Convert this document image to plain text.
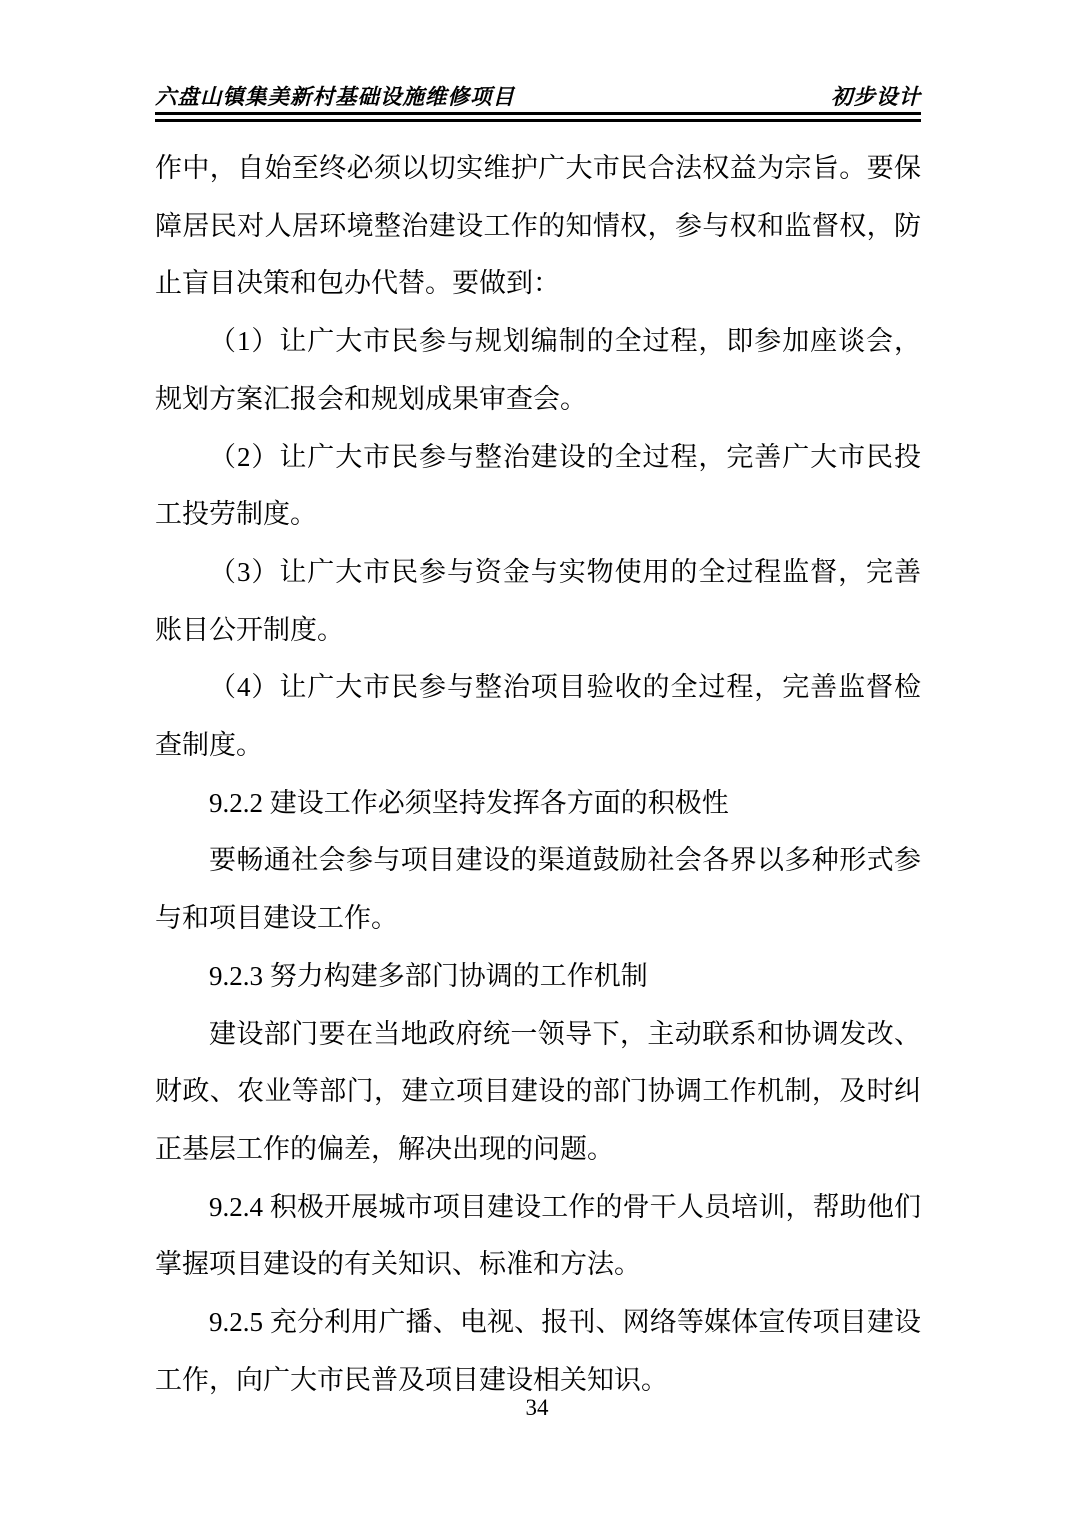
六盘山镇集美新村基础设施维修项目	初步设计

作中，自始至终必须以切实维护广大市民合法权益为宗旨。要保障居民对人居环境整治建设工作的知情权，参与权和监督权，防止盲目决策和包办代替。要做到：

（1）让广大市民参与规划编制的全过程，即参加座谈会，规划方案汇报会和规划成果审查会。

（2）让广大市民参与整治建设的全过程，完善广大市民投工投劳制度。

（3）让广大市民参与资金与实物使用的全过程监督，完善账目公开制度。

（4）让广大市民参与整治项目验收的全过程，完善监督检查制度。

9.2.2 建设工作必须坚持发挥各方面的积极性

要畅通社会参与项目建设的渠道鼓励社会各界以多种形式参与和项目建设工作。

9.2.3 努力构建多部门协调的工作机制

建设部门要在当地政府统一领导下，主动联系和协调发改、财政、农业等部门，建立项目建设的部门协调工作机制，及时纠正基层工作的偏差，解决出现的问题。

9.2.4 积极开展城市项目建设工作的骨干人员培训，帮助他们掌握项目建设的有关知识、标准和方法。

9.2.5 充分利用广播、电视、报刊、网络等媒体宣传项目建设工作，向广大市民普及项目建设相关知识。

34
